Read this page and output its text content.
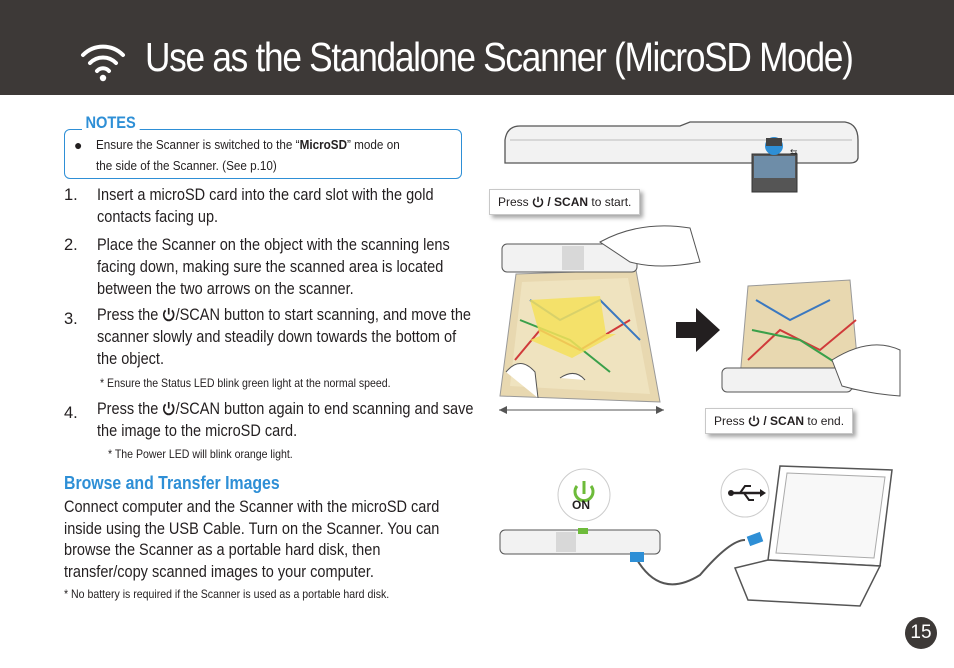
Use as the Standalone Scanner (MicroSD Mode)
NOTES
● Ensure the Scanner is switched to the “MicroSD” mode on
the side of the Scanner. (See p.10)
1.	Insert a microSD card into the card slot with the gold contacts facing up.
2.	Place the Scanner on the object with the scanning lens facing down, making sure the scanned area is located between the two arrows on the scanner.
3.	Press the /SCAN button to start scanning, and move the scanner slowly and steadily down towards the bottom of the object.
* Ensure the Status LED blink green light at the normal speed.
4.	Press the /SCAN button again to end scanning and save the image to the microSD card.
* The Power LED will blink orange light.
Browse and Transfer Images
Connect computer and the Scanner with the microSD card inside using the USB Cable. Turn on the Scanner. You can browse the Scanner as a portable hard disk, then transfer/copy scanned images to your computer.
* No battery is required if the Scanner is used as a portable hard disk.
⇆
ON
Press  / SCAN to start.
Press  / SCAN to end.
15
